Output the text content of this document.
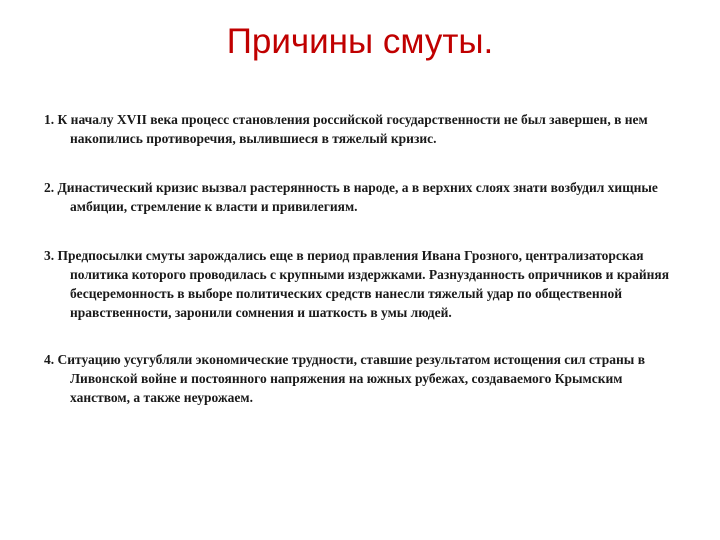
Причины смуты.
1. К началу XVII века процесс становления российской государственности не был завершен, в нем накопились противоречия, вылившиеся в тяжелый кризис.
2. Династический кризис вызвал растерянность в народе, а в верхних слоях знати возбудил хищные амбиции, стремление к власти и привилегиям.
3. Предпосылки смуты зарождались еще в период правления Ивана Грозного, централизаторская политика которого проводилась с крупными издержками. Разнузданность опричников и крайняя бесцеремонность в выборе политических средств нанесли тяжелый удар по общественной нравственности, заронили сомнения и шаткость в умы людей.
4. Ситуацию усугубляли экономические трудности, ставшие результатом истощения сил страны в Ливонской войне и постоянного напряжения на южных рубежах, создаваемого Крымским ханством, а также неурожаем.
